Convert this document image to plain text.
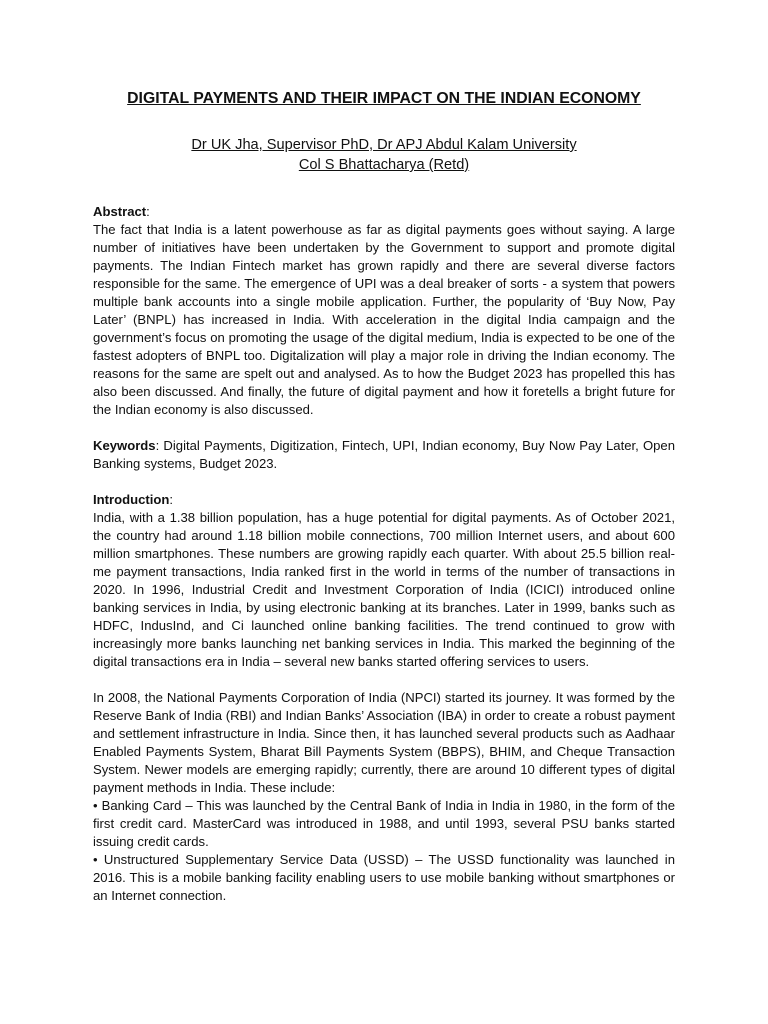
DIGITAL PAYMENTS AND THEIR IMPACT ON THE INDIAN ECONOMY
Dr UK Jha, Supervisor PhD, Dr APJ Abdul Kalam University
Col S Bhattacharya (Retd)

Abstract:

The fact that India is a latent powerhouse as far as digital payments goes without saying. A large number of initiatives have been undertaken by the Government to support and promote digital payments. The Indian Fintech market has grown rapidly and there are several diverse factors responsible for the same. The emergence of UPI was a deal breaker of sorts - a system that powers multiple bank accounts into a single mobile application. Further, the popularity of ‘Buy Now, Pay Later’ (BNPL) has increased in India. With acceleration in the digital India campaign and the government’s focus on promoting the usage of the digital medium, India is expected to be one of the fastest adopters of BNPL too. Digitalization will play a major role in driving the Indian economy. The reasons for the same are spelt out and analysed. As to how the Budget 2023 has propelled this has also been discussed. And finally, the future of digital payment and how it foretells a bright future for the Indian economy is also discussed.

Keywords: Digital Payments, Digitization, Fintech, UPI, Indian economy, Buy Now Pay Later, Open Banking systems, Budget 2023.

Introduction:

India, with a 1.38 billion population, has a huge potential for digital payments. As of October 2021, the country had around 1.18 billion mobile connections, 700 million Internet users, and about 600 million smartphones. These numbers are growing rapidly each quarter. With about 25.5 billion real-me payment transactions, India ranked first in the world in terms of the number of transactions in 2020. In 1996, Industrial Credit and Investment Corporation of India (ICICI) introduced online banking services in India, by using electronic banking at its branches. Later in 1999, banks such as HDFC, IndusInd, and Ci launched online banking facilities. The trend continued to grow with increasingly more banks launching net banking services in India. This marked the beginning of the digital transactions era in India – several new banks started offering services to users.

In 2008, the National Payments Corporation of India (NPCI) started its journey. It was formed by the Reserve Bank of India (RBI) and Indian Banks’ Association (IBA) in order to create a robust payment and settlement infrastructure in India. Since then, it has launched several products such as Aadhaar Enabled Payments System, Bharat Bill Payments System (BBPS), BHIM, and Cheque Transaction System. Newer models are emerging rapidly; currently, there are around 10 different types of digital payment methods in India. These include:

• Banking Card – This was launched by the Central Bank of India in India in 1980, in the form of the first credit card. MasterCard was introduced in 1988, and until 1993, several PSU banks started issuing credit cards.

• Unstructured Supplementary Service Data (USSD) – The USSD functionality was launched in 2016. This is a mobile banking facility enabling users to use mobile banking without smartphones or an Internet connection.
